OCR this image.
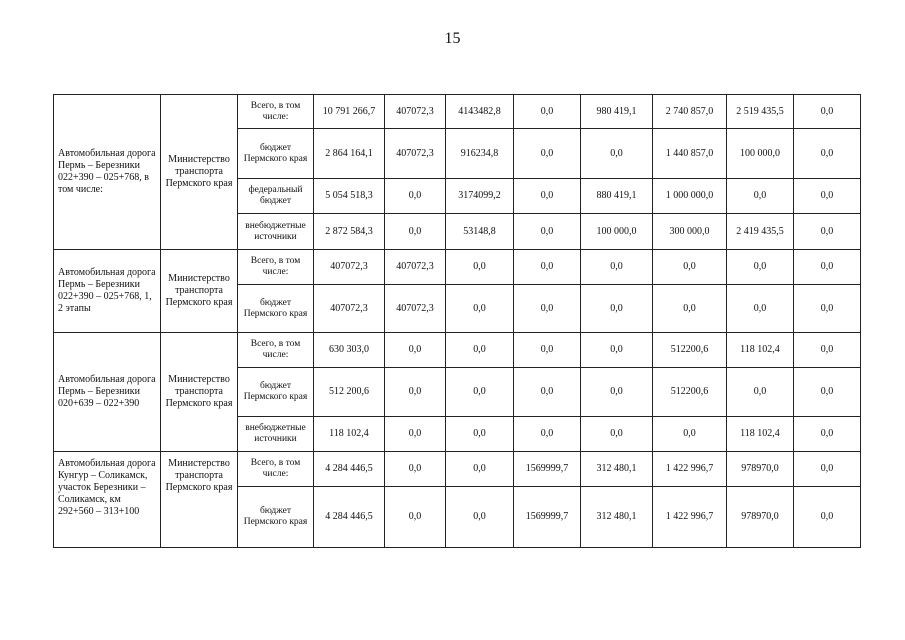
15
Автомобильная дорога Пермь – Березники 022+390 – 025+768, в том числе:	Министерство транспорта Пермского края	Всего, в том числе:	10 791 266,7	407072,3	4143482,8	0,0	980 419,1	2 740 857,0	2 519 435,5	0,0
		бюджет Пермского края	2 864 164,1	407072,3	916234,8	0,0	0,0	1 440 857,0	100 000,0	0,0
		федеральный бюджет	5 054 518,3	0,0	3174099,2	0,0	880 419,1	1 000 000,0	0,0	0,0
		внебюджетные источники	2 872 584,3	0,0	53148,8	0,0	100 000,0	300 000,0	2 419 435,5	0,0
Автомобильная дорога Пермь – Березники 022+390 – 025+768, 1, 2 этапы	Министерство транспорта Пермского края	Всего, в том числе:	407072,3	407072,3	0,0	0,0	0,0	0,0	0,0	0,0
		бюджет Пермского края	407072,3	407072,3	0,0	0,0	0,0	0,0	0,0	0,0
Автомобильная дорога Пермь – Березники 020+639 – 022+390	Министерство транспорта Пермского края	Всего, в том числе:	630 303,0	0,0	0,0	0,0	0,0	512200,6	118 102,4	0,0
		бюджет Пермского края	512 200,6	0,0	0,0	0,0	0,0	512200,6	0,0	0,0
		внебюджетные источники	118 102,4	0,0	0,0	0,0	0,0	0,0	118 102,4	0,0
Автомобильная дорога Кунгур – Соликамск, участок Березники – Соликамск, км 292+560 – 313+100	Министерство транспорта Пермского края	Всего, в том числе:	4 284 446,5	0,0	0,0	1569999,7	312 480,1	1 422 996,7	978970,0	0,0
		бюджет Пермского края	4 284 446,5	0,0	0,0	1569999,7	312 480,1	1 422 996,7	978970,0	0,0
